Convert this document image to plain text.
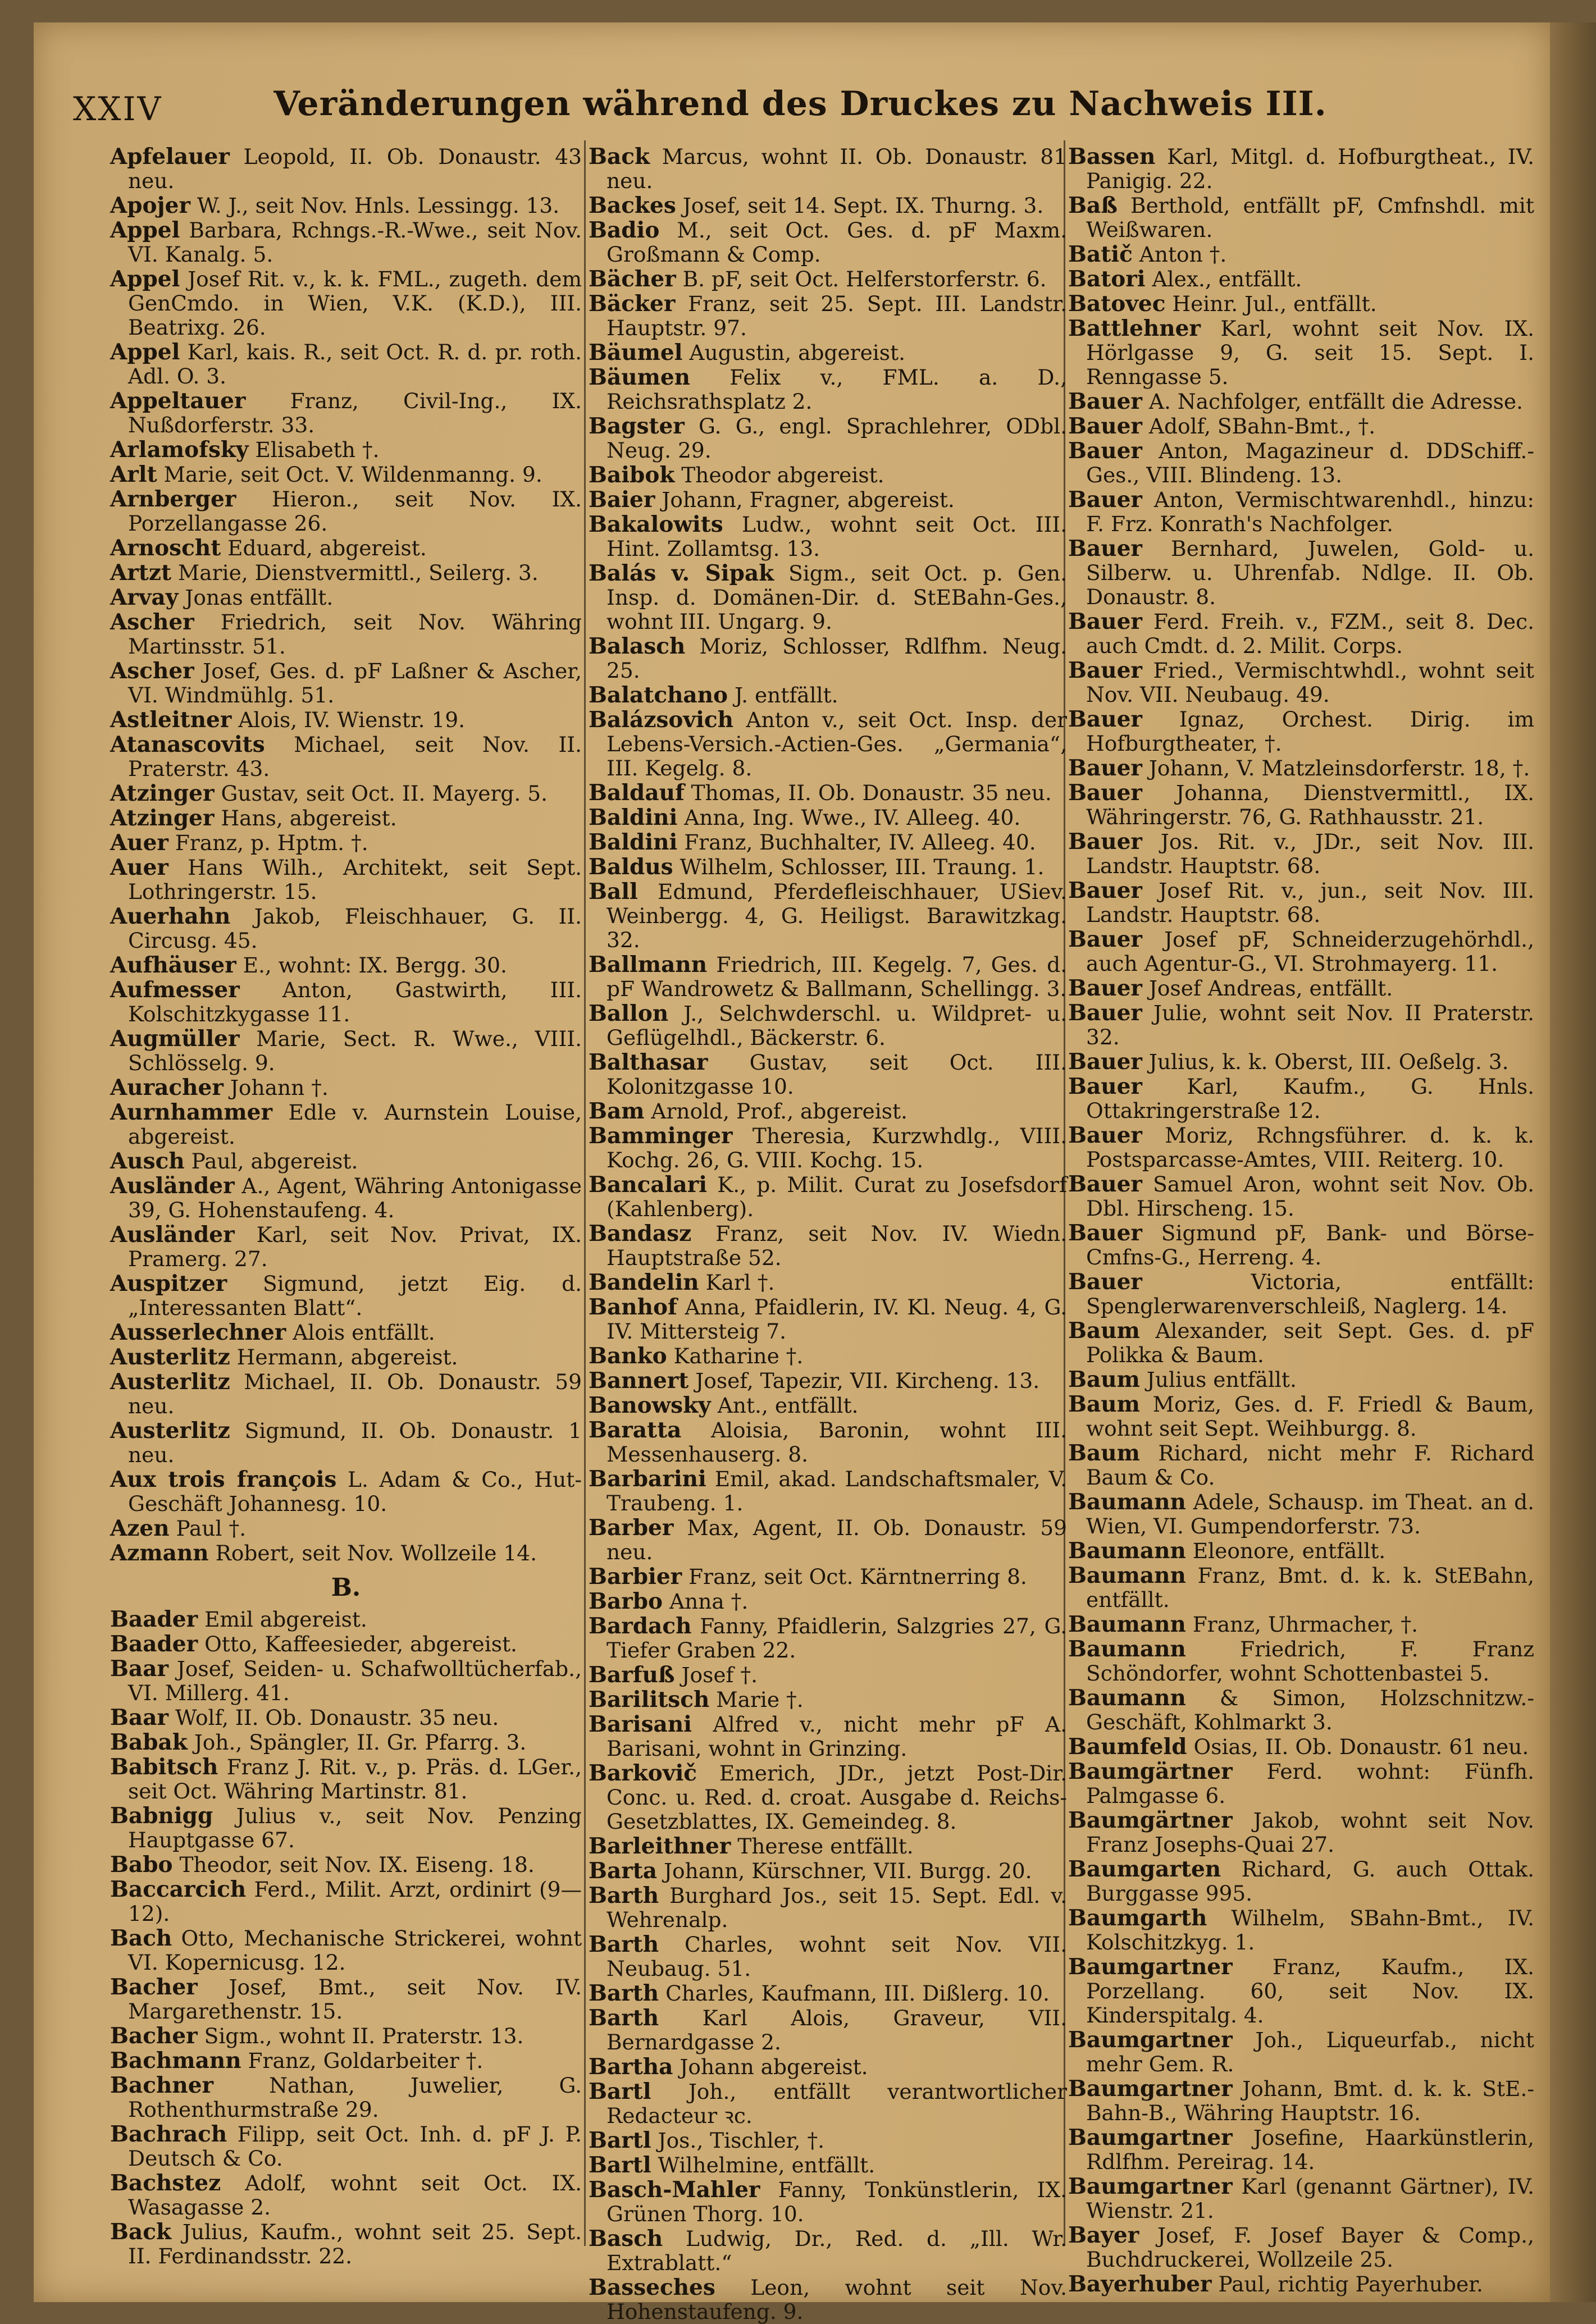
XXIV	Veränderungen während des Druckes zu Nachweis III.
Apfelauer Leopold, II. Ob. Donaustr. 43 neu.
Apojer W. J., seit Nov. Hnls. Lessingg. 13.
Appel Barbara, Rchngs.-R.-Wwe., seit Nov. VI. Kanalg. 5.
Appel Josef Rit. v., k. k. FML., zugeth. dem GenCmdo. in Wien, V.K. (K.D.), III. Beatrixg. 26.
Appel Karl, kais. R., seit Oct. R. d. pr. roth. Adl. O. 3.
Appeltauer Franz, Civil-Ing., IX. Nußdorferstr. 33.
Arlamofsky Elisabeth †.
Arlt Marie, seit Oct. V. Wildenmanng. 9.
Arnberger Hieron., seit Nov. IX. Porzellangasse 26.
Arnoscht Eduard, abgereist.
Artzt Marie, Dienstvermittl., Seilerg. 3.
Arvay Jonas entfällt.
Ascher Friedrich, seit Nov. Währing Martinsstr. 51.
Ascher Josef, Ges. d. pF Laßner & Ascher, VI. Windmühlg. 51.
Astleitner Alois, IV. Wienstr. 19.
Atanascovits Michael, seit Nov. II. Praterstr. 43.
Atzinger Gustav, seit Oct. II. Mayerg. 5.
Atzinger Hans, abgereist.
Auer Franz, p. Hptm. †.
Auer Hans Wilh., Architekt, seit Sept. Lothringerstr. 15.
Auerhahn Jakob, Fleischhauer, G. II. Circusg. 45.
Aufhäuser E., wohnt: IX. Bergg. 30.
Aufmesser Anton, Gastwirth, III. Kolschitzkygasse 11.
Augmüller Marie, Sect. R. Wwe., VIII. Schlösselg. 9.
Auracher Johann †.
Aurnhammer Edle v. Aurnstein Louise, abgereist.
Ausch Paul, abgereist.
Ausländer A., Agent, Währing Antonigasse 39, G. Hohenstaufeng. 4.
Ausländer Karl, seit Nov. Privat, IX. Pramerg. 27.
Auspitzer Sigmund, jetzt Eig. d. „Interessanten Blatt“.
Ausserlechner Alois entfällt.
Austerlitz Hermann, abgereist.
Austerlitz Michael, II. Ob. Donaustr. 59 neu.
Austerlitz Sigmund, II. Ob. Donaustr. 1 neu.
Aux trois françois L. Adam & Co., Hut-Geschäft Johannesg. 10.
Azen Paul †.
Azmann Robert, seit Nov. Wollzeile 14.
B.
Baader Emil abgereist.
Baader Otto, Kaffeesieder, abgereist.
Baar Josef, Seiden- u. Schafwolltücherfab., VI. Millerg. 41.
Baar Wolf, II. Ob. Donaustr. 35 neu.
Babak Joh., Spängler, II. Gr. Pfarrg. 3.
Babitsch Franz J. Rit. v., p. Präs. d. LGer., seit Oct. Währing Martinstr. 81.
Babnigg Julius v., seit Nov. Penzing Hauptgasse 67.
Babo Theodor, seit Nov. IX. Eiseng. 18.
Baccarcich Ferd., Milit. Arzt, ordinirt (9—12).
Bach Otto, Mechanische Strickerei, wohnt VI. Kopernicusg. 12.
Bacher Josef, Bmt., seit Nov. IV. Margarethenstr. 15.
Bacher Sigm., wohnt II. Praterstr. 13.
Bachmann Franz, Goldarbeiter †.
Bachner	Nathan, Juwelier, G. Rothenthurmstraße 29.
Bachrach Filipp, seit Oct. Inh. d. pF J. P. Deutsch & Co.
Bachstez Adolf, wohnt seit Oct. IX. Wasagasse 2.
Back Julius, Kaufm., wohnt seit 25. Sept. II. Ferdinandsstr. 22.
Back Marcus, wohnt II. Ob. Donaustr. 81 neu.
Backes Josef, seit 14. Sept. IX. Thurng. 3.
Badio M., seit Oct. Ges. d. pF Maxm. Großmann & Comp.
Bächer B. pF, seit Oct. Helferstorferstr. 6.
Bäcker Franz, seit 25. Sept. III. Landstr. Hauptstr. 97.
Bäumel Augustin, abgereist.
Bäumen Felix v., FML. a. D., Reichsrathsplatz 2.
Bagster G. G., engl. Sprachlehrer, ODbl. Neug. 29.
Baibok Theodor abgereist.
Baier Johann, Fragner, abgereist.
Bakalowits Ludw., wohnt seit Oct. III. Hint. Zollamtsg. 13.
Balás v. Sipak Sigm., seit Oct. p. Gen. Insp. d. Domänen-Dir. d. StEBahn-Ges., wohnt III. Ungarg. 9.
Balasch Moriz, Schlosser, Rdlfhm. Neug. 25.
Balatchano J. entfällt.
Balázsovich Anton v., seit Oct. Insp. der Lebens-Versich.-Actien-Ges. „Germania“, III. Kegelg. 8.
Baldauf Thomas, II. Ob. Donaustr. 35 neu.
Baldini Anna, Ing. Wwe., IV. Alleeg. 40.
Baldini Franz, Buchhalter, IV. Alleeg. 40.
Baldus Wilhelm, Schlosser, III. Traung. 1.
Ball Edmund, Pferdefleischhauer, USiev. Weinbergg. 4, G. Heiligst. Barawitzkag. 32.
Ballmann Friedrich, III. Kegelg. 7, Ges. d. pF Wandrowetz & Ballmann, Schellingg. 3.
Ballon J., Selchwderschl. u. Wildpret- u. Geflügelhdl., Bäckerstr. 6.
Balthasar Gustav, seit Oct. III. Kolonitzgasse 10.
Bam Arnold, Prof., abgereist.
Bamminger Theresia, Kurzwhdlg., VIII. Kochg. 26, G. VIII. Kochg. 15.
Bancalari K., p. Milit. Curat zu Josefsdorf (Kahlenberg).
Bandasz Franz, seit Nov. IV. Wiedn. Hauptstraße 52.
Bandelin Karl †.
Banhof Anna, Pfaidlerin, IV. Kl. Neug. 4, G. IV. Mittersteig 7.
Banko Katharine †.
Bannert Josef, Tapezir, VII. Kircheng. 13.
Banowsky Ant., entfällt.
Baratta Aloisia, Baronin, wohnt III. Messenhauserg. 8.
Barbarini Emil, akad. Landschaftsmaler, V. Traubeng. 1.
Barber Max, Agent, II. Ob. Donaustr. 59 neu.
Barbier Franz, seit Oct. Kärntnerring 8.
Barbo Anna †.
Bardach Fanny, Pfaidlerin, Salzgries 27, G. Tiefer Graben 22.
Barfuß Josef †.
Barilitsch Marie †.
Barisani Alfred v., nicht mehr pF A. Barisani, wohnt in Grinzing.
Barkovič Emerich, JDr., jetzt Post-Dir. Conc. u. Red. d. croat. Ausgabe d. Reichs-Gesetzblattes, IX. Gemeindeg. 8.
Barleithner Therese entfällt.
Barta Johann, Kürschner, VII. Burgg. 20.
Barth Burghard Jos., seit 15. Sept. Edl. v. Wehrenalp.
Barth Charles, wohnt seit Nov. VII. Neubaug. 51.
Barth Charles, Kaufmann, III. Dißlerg. 10.
Barth Karl Alois, Graveur, VII. Bernardgasse 2.
Bartha Johann abgereist.
Bartl Joh., entfällt verantwortlicher Redacteur ꝛc.
Bartl Jos., Tischler, †.
Bartl Wilhelmine, entfällt.
Basch-Mahler Fanny, Tonkünstlerin, IX. Grünen Thorg. 10.
Basch Ludwig, Dr., Red. d. „Ill. Wr. Extrablatt.“
Basseches Leon, wohnt seit Nov. Hohenstaufeng. 9.
Bassen Karl, Mitgl. d. Hofburgtheat., IV. Panigig. 22.
Baß Berthold, entfällt pF, Cmfnshdl. mit Weißwaren.
Batič Anton †.
Batori Alex., entfällt.
Batovec Heinr. Jul., entfällt.
Battlehner Karl, wohnt seit Nov. IX. Hörlgasse 9, G. seit 15. Sept. I. Renngasse 5.
Bauer A. Nachfolger, entfällt die Adresse.
Bauer Adolf, SBahn-Bmt., †.
Bauer Anton, Magazineur d. DDSchiff.-Ges., VIII. Blindeng. 13.
Bauer Anton, Vermischtwarenhdl., hinzu: F. Frz. Konrath's Nachfolger.
Bauer Bernhard, Juwelen, Gold- u. Silberw. u. Uhrenfab. Ndlge. II. Ob. Donaustr. 8.
Bauer Ferd. Freih. v., FZM., seit 8. Dec. auch Cmdt. d. 2. Milit. Corps.
Bauer Fried., Vermischtwhdl., wohnt seit Nov. VII. Neubaug. 49.
Bauer Ignaz, Orchest. Dirig. im Hofburgtheater, †.
Bauer Johann, V. Matzleinsdorferstr. 18, †.
Bauer Johanna, Dienstvermittl., IX. Währingerstr. 76, G. Rathhausstr. 21.
Bauer Jos. Rit. v., JDr., seit Nov. III. Landstr. Hauptstr. 68.
Bauer Josef Rit. v., jun., seit Nov. III. Landstr. Hauptstr. 68.
Bauer Josef pF, Schneiderzugehörhdl., auch Agentur-G., VI. Strohmayerg. 11.
Bauer Josef Andreas, entfällt.
Bauer Julie, wohnt seit Nov. II Praterstr. 32.
Bauer Julius, k. k. Oberst, III. Oeßelg. 3.
Bauer Karl, Kaufm., G. Hnls. Ottakringerstraße 12.
Bauer Moriz, Rchngsführer. d. k. k. Postsparcasse-Amtes, VIII. Reiterg. 10.
Bauer Samuel Aron, wohnt seit Nov. Ob. Dbl. Hirscheng. 15.
Bauer Sigmund pF, Bank- und Börse-Cmfns-G., Herreng. 4.
Bauer	Victoria, entfällt: Spenglerwarenverschleiß, Naglerg. 14.
Baum Alexander, seit Sept. Ges. d. pF Polikka & Baum.
Baum Julius entfällt.
Baum Moriz, Ges. d. F. Friedl & Baum, wohnt seit Sept. Weihburgg. 8.
Baum Richard, nicht mehr F. Richard Baum & Co.
Baumann Adele, Schausp. im Theat. an d. Wien, VI. Gumpendorferstr. 73.
Baumann Eleonore, entfällt.
Baumann Franz, Bmt. d. k. k. StEBahn, entfällt.
Baumann Franz, Uhrmacher, †.
Baumann	Friedrich, F. Franz Schöndorfer, wohnt Schottenbastei 5.
Baumann & Simon, Holzschnitzw.-Geschäft, Kohlmarkt 3.
Baumfeld Osias, II. Ob. Donaustr. 61 neu.
Baumgärtner Ferd. wohnt: Fünfh. Palmgasse 6.
Baumgärtner Jakob, wohnt seit Nov. Franz Josephs-Quai 27.
Baumgarten Richard, G. auch Ottak. Burggasse 995.
Baumgarth Wilhelm, SBahn-Bmt., IV. Kolschitzkyg. 1.
Baumgartner Franz, Kaufm., IX. Porzellang. 60, seit Nov. IX. Kinderspitalg. 4.
Baumgartner Joh., Liqueurfab., nicht mehr Gem. R.
Baumgartner Johann, Bmt. d. k. k. StE.-Bahn-B., Währing Hauptstr. 16.
Baumgartner Josefine, Haarkünstlerin, Rdlfhm. Pereirag. 14.
Baumgartner Karl (genannt Gärtner), IV. Wienstr. 21.
Bayer Josef, F. Josef Bayer & Comp., Buchdruckerei, Wollzeile 25.
Bayerhuber Paul, richtig Payerhuber.
